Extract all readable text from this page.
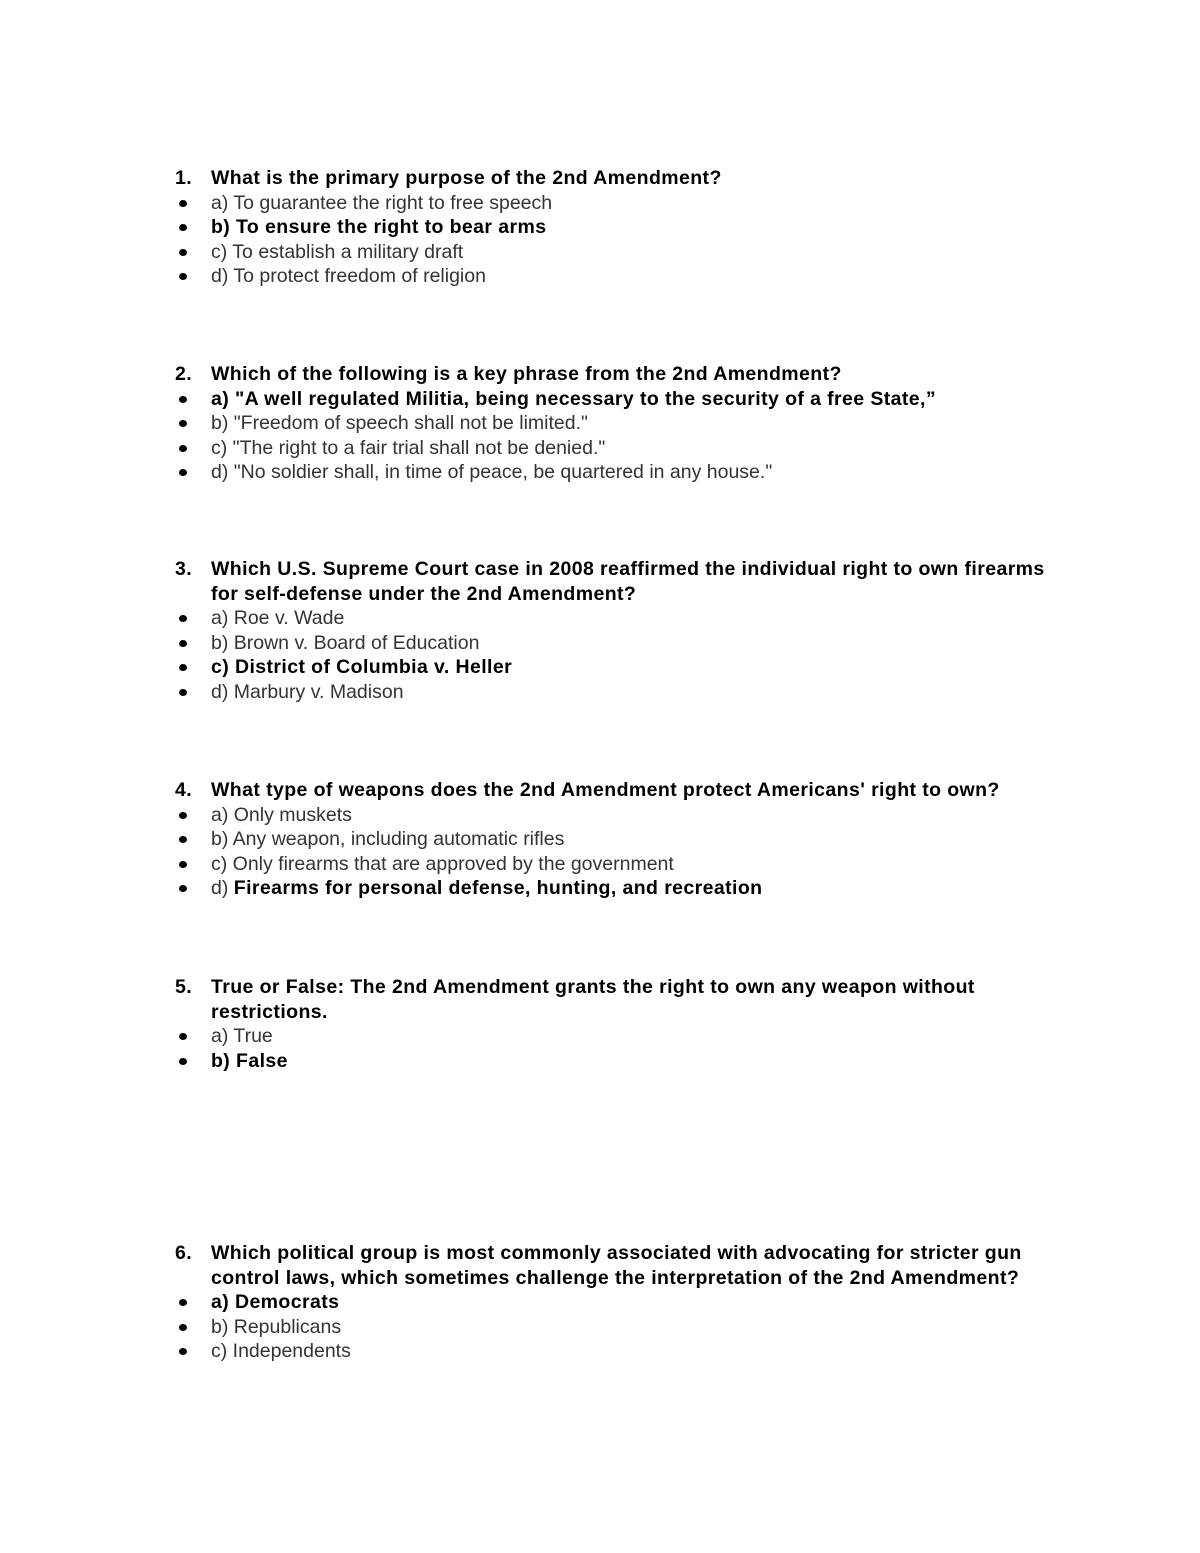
1. What is the primary purpose of the 2nd Amendment?
a) To guarantee the right to free speech
b) To ensure the right to bear arms
c) To establish a military draft
d) To protect freedom of religion
2. Which of the following is a key phrase from the 2nd Amendment?
a) "A well regulated Militia, being necessary to the security of a free State,”
b) "Freedom of speech shall not be limited."
c) "The right to a fair trial shall not be denied."
d) "No soldier shall, in time of peace, be quartered in any house."
3. Which U.S. Supreme Court case in 2008 reaffirmed the individual right to own firearms for self-defense under the 2nd Amendment?
a) Roe v. Wade
b) Brown v. Board of Education
c) District of Columbia v. Heller
d) Marbury v. Madison
4. What type of weapons does the 2nd Amendment protect Americans' right to own?
a) Only muskets
b) Any weapon, including automatic rifles
c) Only firearms that are approved by the government
d) Firearms for personal defense, hunting, and recreation
5. True or False: The 2nd Amendment grants the right to own any weapon without restrictions.
a) True
b) False
6. Which political group is most commonly associated with advocating for stricter gun control laws, which sometimes challenge the interpretation of the 2nd Amendment?
a) Democrats
b) Republicans
c) Independents
